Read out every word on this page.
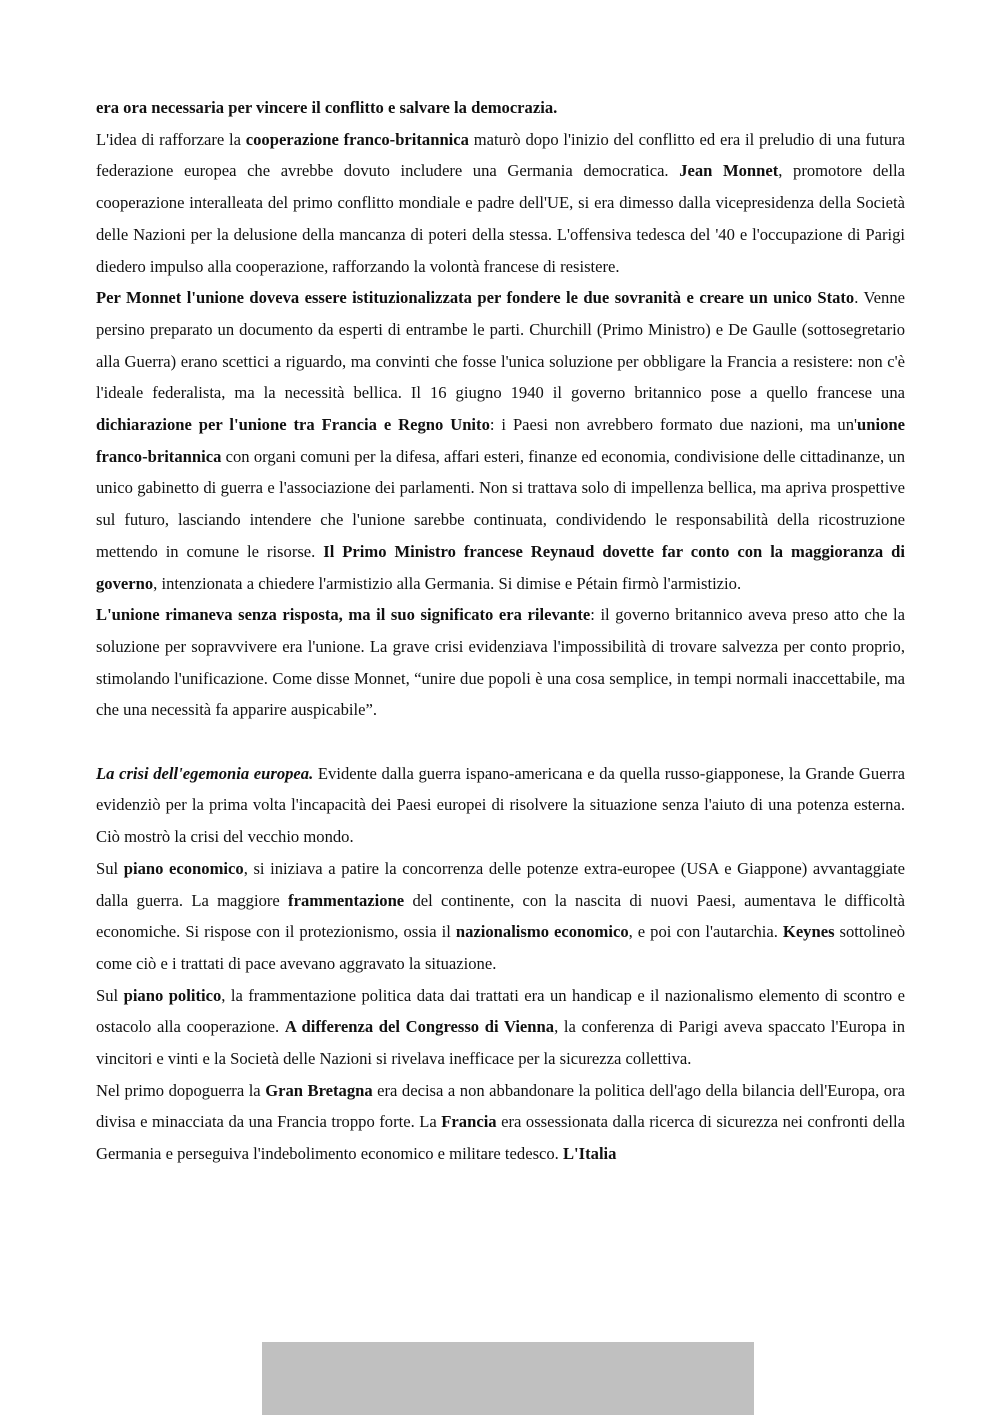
era ora necessaria per vincere il conflitto e salvare la democrazia.

L'idea di rafforzare la cooperazione franco-britannica maturò dopo l'inizio del conflitto ed era il preludio di una futura federazione europea che avrebbe dovuto includere una Germania democratica. Jean Monnet, promotore della cooperazione interalleata del primo conflitto mondiale e padre dell'UE, si era dimesso dalla vicepresidenza della Società delle Nazioni per la delusione della mancanza di poteri della stessa. L'offensiva tedesca del '40 e l'occupazione di Parigi diedero impulso alla cooperazione, rafforzando la volontà francese di resistere.

Per Monnet l'unione doveva essere istituzionalizzata per fondere le due sovranità e creare un unico Stato. Venne persino preparato un documento da esperti di entrambe le parti. Churchill (Primo Ministro) e De Gaulle (sottosegretario alla Guerra) erano scettici a riguardo, ma convinti che fosse l'unica soluzione per obbligare la Francia a resistere: non c'è l'ideale federalista, ma la necessità bellica. Il 16 giugno 1940 il governo britannico pose a quello francese una dichiarazione per l'unione tra Francia e Regno Unito: i Paesi non avrebbero formato due nazioni, ma un'unione franco-britannica con organi comuni per la difesa, affari esteri, finanze ed economia, condivisione delle cittadinanze, un unico gabinetto di guerra e l'associazione dei parlamenti. Non si trattava solo di impellenza bellica, ma apriva prospettive sul futuro, lasciando intendere che l'unione sarebbe continuata, condividendo le responsabilità della ricostruzione mettendo in comune le risorse. Il Primo Ministro francese Reynaud dovette far conto con la maggioranza di governo, intenzionata a chiedere l'armistizio alla Germania. Si dimise e Pétain firmò l'armistizio.

L'unione rimaneva senza risposta, ma il suo significato era rilevante: il governo britannico aveva preso atto che la soluzione per sopravvivere era l'unione. La grave crisi evidenziava l'impossibilità di trovare salvezza per conto proprio, stimolando l'unificazione. Come disse Monnet, “unire due popoli è una cosa semplice, in tempi normali inaccettabile, ma che una necessità fa apparire auspicabile”.

La crisi dell'egemonia europea. Evidente dalla guerra ispano-americana e da quella russo-giapponese, la Grande Guerra evidenziò per la prima volta l'incapacità dei Paesi europei di risolvere la situazione senza l'aiuto di una potenza esterna. Ciò mostrò la crisi del vecchio mondo.

Sul piano economico, si iniziava a patire la concorrenza delle potenze extra-europee (USA e Giappone) avvantaggiate dalla guerra. La maggiore frammentazione del continente, con la nascita di nuovi Paesi, aumentava le difficoltà economiche. Si rispose con il protezionismo, ossia il nazionalismo economico, e poi con l'autarchia. Keynes sottolineò come ciò e i trattati di pace avevano aggravato la situazione.

Sul piano politico, la frammentazione politica data dai trattati era un handicap e il nazionalismo elemento di scontro e ostacolo alla cooperazione. A differenza del Congresso di Vienna, la conferenza di Parigi aveva spaccato l'Europa in vincitori e vinti e la Società delle Nazioni si rivelava inefficace per la sicurezza collettiva.

Nel primo dopoguerra la Gran Bretagna era decisa a non abbandonare la politica dell'ago della bilancia dell'Europa, ora divisa e minacciata da una Francia troppo forte. La Francia era ossessionata dalla ricerca di sicurezza nei confronti della Germania e perseguiva l'indebolimento economico e militare tedesco. L'Italia
